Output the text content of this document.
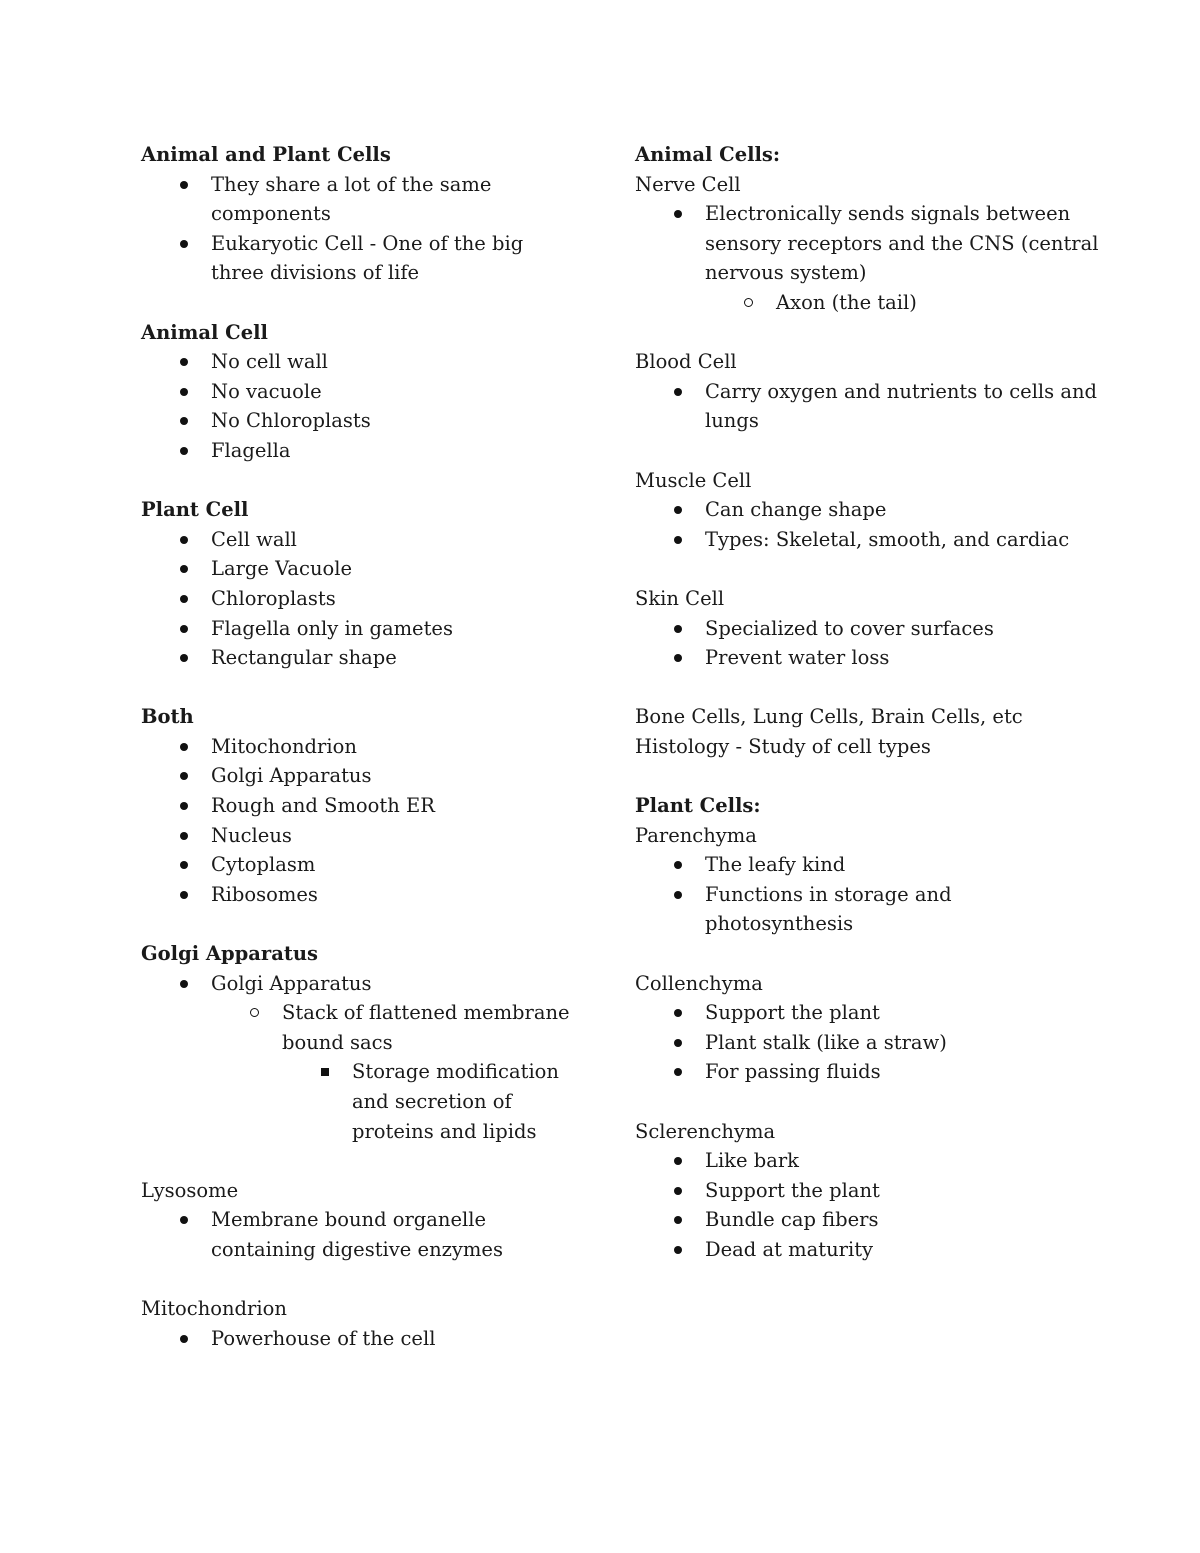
Animal and Plant Cells
They share a lot of the same components
Eukaryotic Cell - One of the big three divisions of life
Animal Cell
No cell wall
No vacuole
No Chloroplasts
Flagella
Plant Cell
Cell wall
Large Vacuole
Chloroplasts
Flagella only in gametes
Rectangular shape
Both
Mitochondrion
Golgi Apparatus
Rough and Smooth ER
Nucleus
Cytoplasm
Ribosomes
Golgi Apparatus
Golgi Apparatus
Stack of flattened membrane bound sacs
Storage modification and secretion of proteins and lipids
Lysosome
Membrane bound organelle containing digestive enzymes
Mitochondrion
Powerhouse of the cell
Animal Cells:
Nerve Cell
Electronically sends signals between sensory receptors and the CNS (central nervous system)
Axon (the tail)
Blood Cell
Carry oxygen and nutrients to cells and lungs
Muscle Cell
Can change shape
Types: Skeletal, smooth, and cardiac
Skin Cell
Specialized to cover surfaces
Prevent water loss
Bone Cells, Lung Cells, Brain Cells, etc
Histology - Study of cell types
Plant Cells:
Parenchyma
The leafy kind
Functions in storage and photosynthesis
Collenchyma
Support the plant
Plant stalk (like a straw)
For passing fluids
Sclerenchyma
Like bark
Support the plant
Bundle cap fibers
Dead at maturity
